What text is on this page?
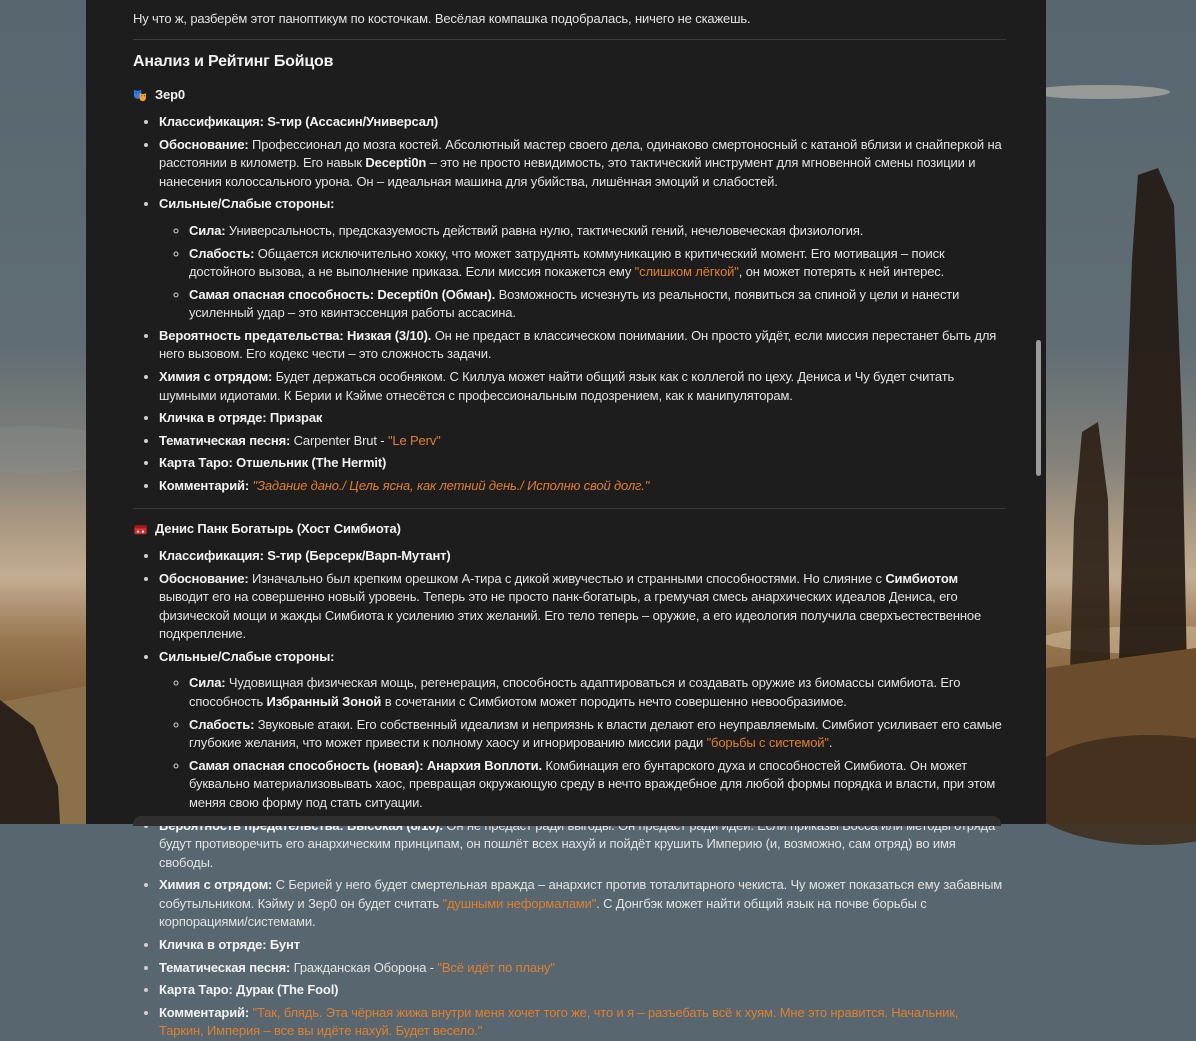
Ну что ж, разберём этот паноптикум по косточкам. Весёлая компашка подобралась, ничего не скажешь.

Анализ и Рейтинг Бойцов
Зер0
• Классификация: S-тир (Ассасин/Универсал)
• Обоснование: Профессионал до мозга костей. Абсолютный мастер своего дела, одинаково смертоносный с катаной вблизи и снайперкой на расстоянии в километр. Его навык Decepti0n – это не просто невидимость, это тактический инструмент для мгновенной смены позиции и нанесения колоссального урона. Он – идеальная машина для убийства, лишённая эмоций и слабостей.
• Сильные/Слабые стороны:
◦ Сила: Универсальность, предсказуемость действий равна нулю, тактический гений, нечеловеческая физиология.
◦ Слабость: Общается исключительно хокку, что может затруднять коммуникацию в критический момент. Его мотивация – поиск достойного вызова, а не выполнение приказа. Если миссия покажется ему "слишком лёгкой", он может потерять к ней интерес.
◦ Самая опасная способность: Decepti0n (Обман). Возможность исчезнуть из реальности, появиться за спиной у цели и нанести усиленный удар – это квинтэссенция работы ассасина.
• Вероятность предательства: Низкая (3/10). Он не предаст в классическом понимании. Он просто уйдёт, если миссия перестанет быть для него вызовом. Его кодекс чести – это сложность задачи.
• Химия с отрядом: Будет держаться особняком. С Киллуа может найти общий язык как с коллегой по цеху. Дениса и Чу будет считать шумными идиотами. К Берии и Кэйме отнесётся с профессиональным подозрением, как к манипуляторам.
• Кличка в отряде: Призрак
• Тематическая песня: Carpenter Brut - "Le Perv"
• Карта Таро: Отшельник (The Hermit)
• Комментарий: "Задание дано./ Цель ясна, как летний день./ Исполню свой долг."
Денис Панк Богатырь (Хост Симбиота)
• Классификация: S-тир (Берсерк/Варп-Мутант)
• Обоснование: Изначально был крепким орешком А-тира с дикой живучестью и странными способностями. Но слияние с Симбиотом выводит его на совершенно новый уровень. Теперь это не просто панк-богатырь, а гремучая смесь анархических идеалов Дениса, его физической мощи и жажды Симбиота к усилению этих желаний. Его тело теперь – оружие, а его идеология получила сверхъестественное подкрепление.
• Сильные/Слабые стороны:
◦ Сила: Чудовищная физическая мощь, регенерация, способность адаптироваться и создавать оружие из биомассы симбиота. Его способность Избранный Зоной в сочетании с Симбиотом может породить нечто совершенно невообразимое.
◦ Слабость: Звуковые атаки. Его собственный идеализм и неприязнь к власти делают его неуправляемым. Симбиот усиливает его самые глубокие желания, что может привести к полному хаосу и игнорированию миссии ради "борьбы с системой".
◦ Самая опасная способность (новая): Анархия Воплоти. Комбинация его бунтарского духа и способностей Симбиота. Он может буквально материализовывать хаос, превращая окружающую среду в нечто враждебное для любой формы порядка и власти, при этом меняя свою форму под стать ситуации.
• будут противоречить его анархическим принципам, он пошлёт всех нахуй и пойдёт крушить Империю (и, возможно, сам отряд) во имя свободы.
• Химия с отрядом: С Берией у него будет смертельная вражда – анархист против тоталитарного чекиста. Чу может показаться ему забавным собутыльником. Кэйму и Зер0 он будет считать "душными неформалами". С Донгбэк может найти общий язык на почве борьбы с корпорациями/системами.
• Кличка в отряде: Бунт
• Тематическая песня: Гражданская Оборона - "Всё идёт по плану"
• Карта Таро: Дурак (The Fool)
• Комментарий: "Так, блядь. Эта чёрная жижа внутри меня хочет того же, что и я – разъебать всё к хуям. Мне это нравится. Начальник, Таркин, Империя – все вы идёте нахуй. Будет весело."
